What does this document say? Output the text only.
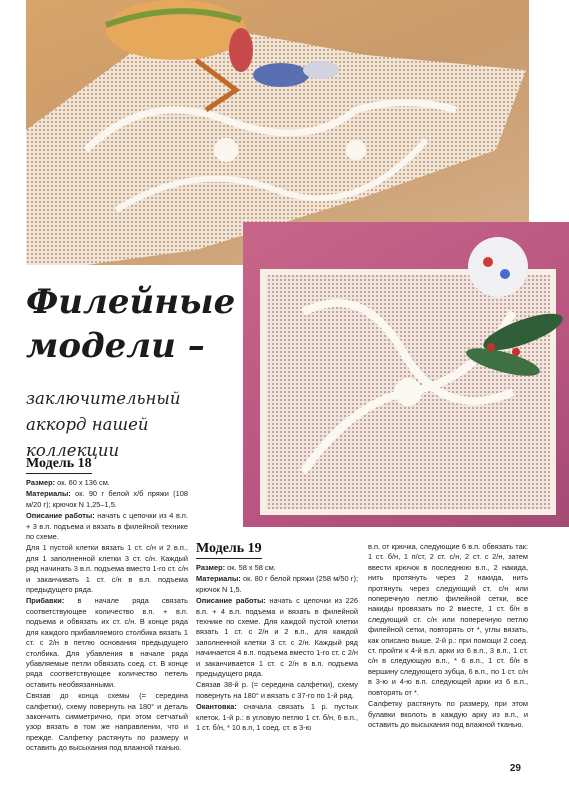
Филейные модели –

заключительный аккорд нашей коллекции

Модель 18

Размер: ок. 60 х 136 см.

Материалы: ок. 90 г белой х/б пряжи (108 м/20 г); крючок N 1,25–1,5.

Описание работы: начать с цепочки из 4 в.п. + 3 в.п. подъема и вязать в филейной технике по схеме.

Для 1 пустой клетки вязать 1 ст. с/н и 2 в.п., для 1 заполненной клетки 3 ст. с/н. Каждый ряд начинать 3 в.п. подъема вместо 1-го ст. с/н и заканчивать 1 ст. с/н в в.п. подъема предыдущего ряда.

Прибавки: в начале ряда связать соответствующее количество в.п. + в.п. подъема и обвязать их ст. с/н. В конце ряда для каждого прибавляемого столбика вязать 1 ст. с 2/н в петлю основания предыдущего столбика. Для убавления в начале ряда убавляемые петли обвязать соед. ст. В конце ряда соответствующее количество петель оставить необвязанными.

Связав до конца схемы (= середина салфетки), схему повернуть на 180° и деталь закончить симметрично, при этом сетчатый узор вязать в том же направлении, что и прежде. Салфетку растянуть по размеру и оставить до высыхания под влажной тканью.

Модель 19

Размер: ок. 58 х 58 см.

Материалы: ок. 80 г белой пряжи (258 м/50 г); крючок N 1,5.

Описание работы: начать с цепочки из 226 в.п. + 4 в.п. подъема и вязать в филейной технике по схеме. Для каждой пустой клетки вязать 1 ст. с 2/н и 2 в.п., для каждой заполненной клетки 3 ст. с 2/н. Каждый ряд начинается 4 в.п. подъема вместо 1-го ст. с 2/н и заканчивается 1 ст. с 2/н в в.п. подъема предыдущего ряда.

Связав 38-й р. (= середина салфетки), схему повернуть на 180° и вязать с 37-го по 1-й ряд.

Окантовка: сначала связать 1 р. пустых клеток. 1-й р.: в угловую петлю 1 ст. б/н, 6 в.п., 1 ст. б/н, * 10 в.п, 1 соед. ст. в 3-ю

в.п. от крючка, следующие 6 в.п. обвязать так: 1 ст. б/н, 1 п/ст, 2 ст. с/н, 2 ст. с 2/н, затем ввести крючок в последнюю в.п., 2 накида, нить протянуть через 2 накида, нить протянуть через следующий ст. с/н или поперечную петлю филейной сетки, все накиды провязать по 2 вместе, 1 ст. б/н в следующий ст. с/н или поперечную петлю филейной сетки, повторять от *, углы вязать, как описано выше. 2-й р.: при помощи 2 соед. ст. пройти к 4-й в.п. арки из 6 в.п., 3 в.п., 1 ст. с/н в следующую в.п., * 6 в.п., 1 ст. б/н в вершину следующего зубца, 6 в.п., по 1 ст. с/н в 3-ю и 4-ю в.п. следующей арки из 6 в.п., повторять от *.

Салфетку растянуть по размеру, при этом булавки вколоть в каждую арку из в.п., и оставить до высыхания под влажной тканью.

29
